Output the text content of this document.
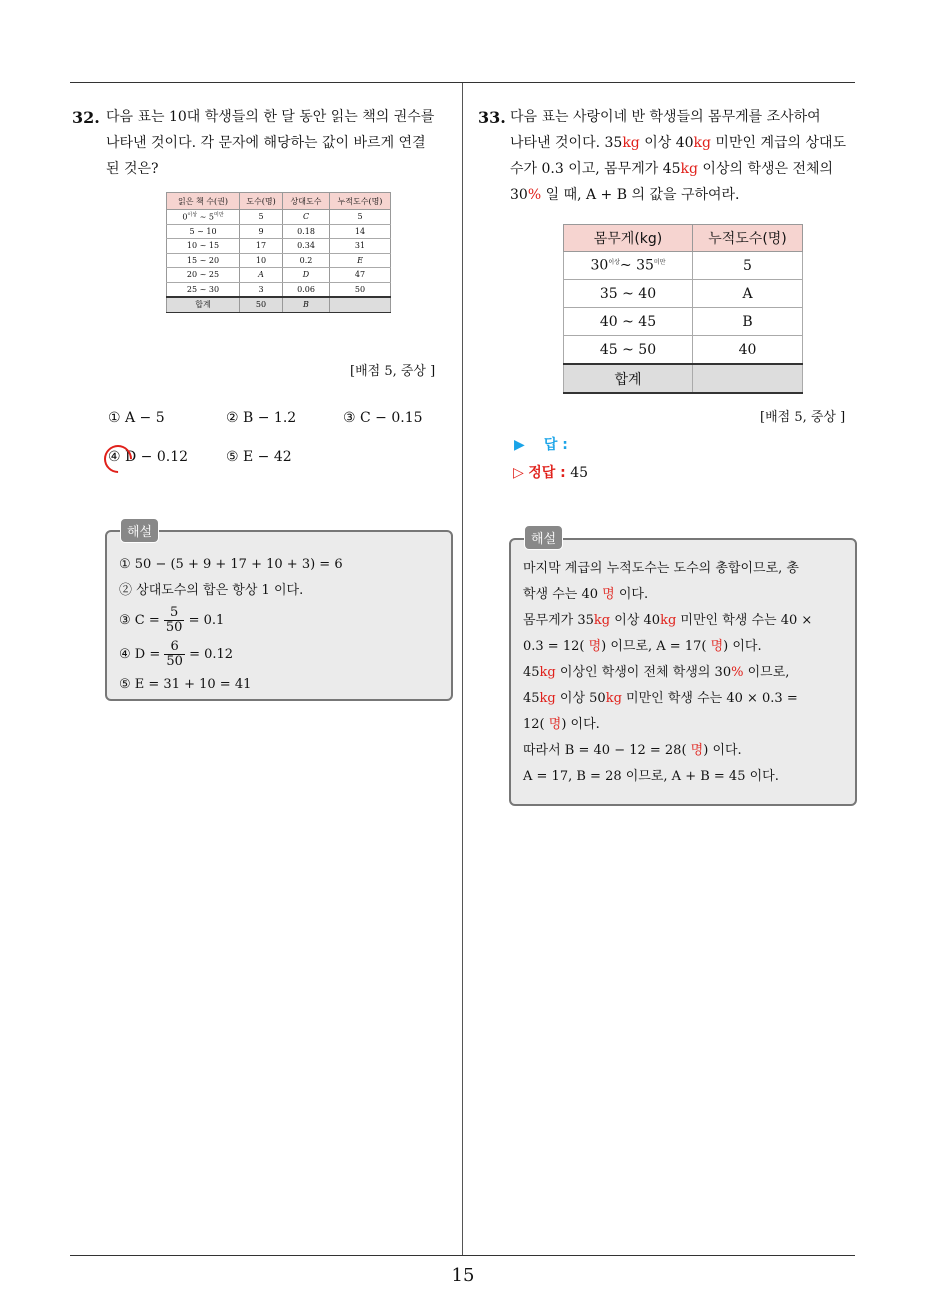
15
32. 다음 표는 10대 학생들의 한 달 동안 읽는 책의 권수를
나타낸 것이다. 각 문자에 해당하는 값이 바르게 연결
된 것은?
읽은 책 수(권)	도수(명)	상대도수	누적도수(명)
$0^{이상}$ ~ $5^{미만}$	5	C	5
5 ~ 10	9	0.18	14
10 ~ 15	17	0.34	31
15 ~ 20	10	0.2	E
20 ~ 25	A	D	47
25 ~ 30	3	0.06	50
합계	50	B	
[배점 5, 중상 ]
① A − 5	② B − 1.2	③ C − 0.15
④ D − 0.12	⑤ E − 42
① 50 − (5 + 9 + 17 + 10 + 3) = 6
② 상대도수의 합은 항상 1 이다.
③ $C = \frac{5}{50} = 0.1$
④ $D = \frac{6}{50} = 0.12$
⑤ E = 31 + 10 = 41
해설
33. 다음 표는 사랑이네 반 학생들의 몸무게를 조사하여
나타낸 것이다. 35kg 이상 40kg 미만인 계급의 상대도
수가 0.3 이고, 몸무게가 45kg 이상의 학생은 전체의
30% 일 때, A + B 의 값을 구하여라.
몸무게(kg)	누적도수(명)
$30^{이상}\sim$ $35^{미만}$	5
35 ~ 40	A
40 ~ 45	B
45 ~ 50	40
합계	
[배점 5, 중상 ]
▶ 답 :
▷ 정답 : 45
마지막 계급의 누적도수는 도수의 총합이므로, 총
학생 수는 40 명 이다.
몸무게가 35kg 이상 40kg 미만인 학생 수는 40 ×
0.3 = 12( 명) 이므로, A = 17( 명) 이다.
45kg 이상인 학생이 전체 학생의 30% 이므로,
45kg 이상 50kg 미만인 학생 수는 40 × 0.3 =
12( 명) 이다.
따라서 B = 40 − 12 = 28( 명) 이다.
A = 17, B = 28 이므로, A + B = 45 이다.
해설
